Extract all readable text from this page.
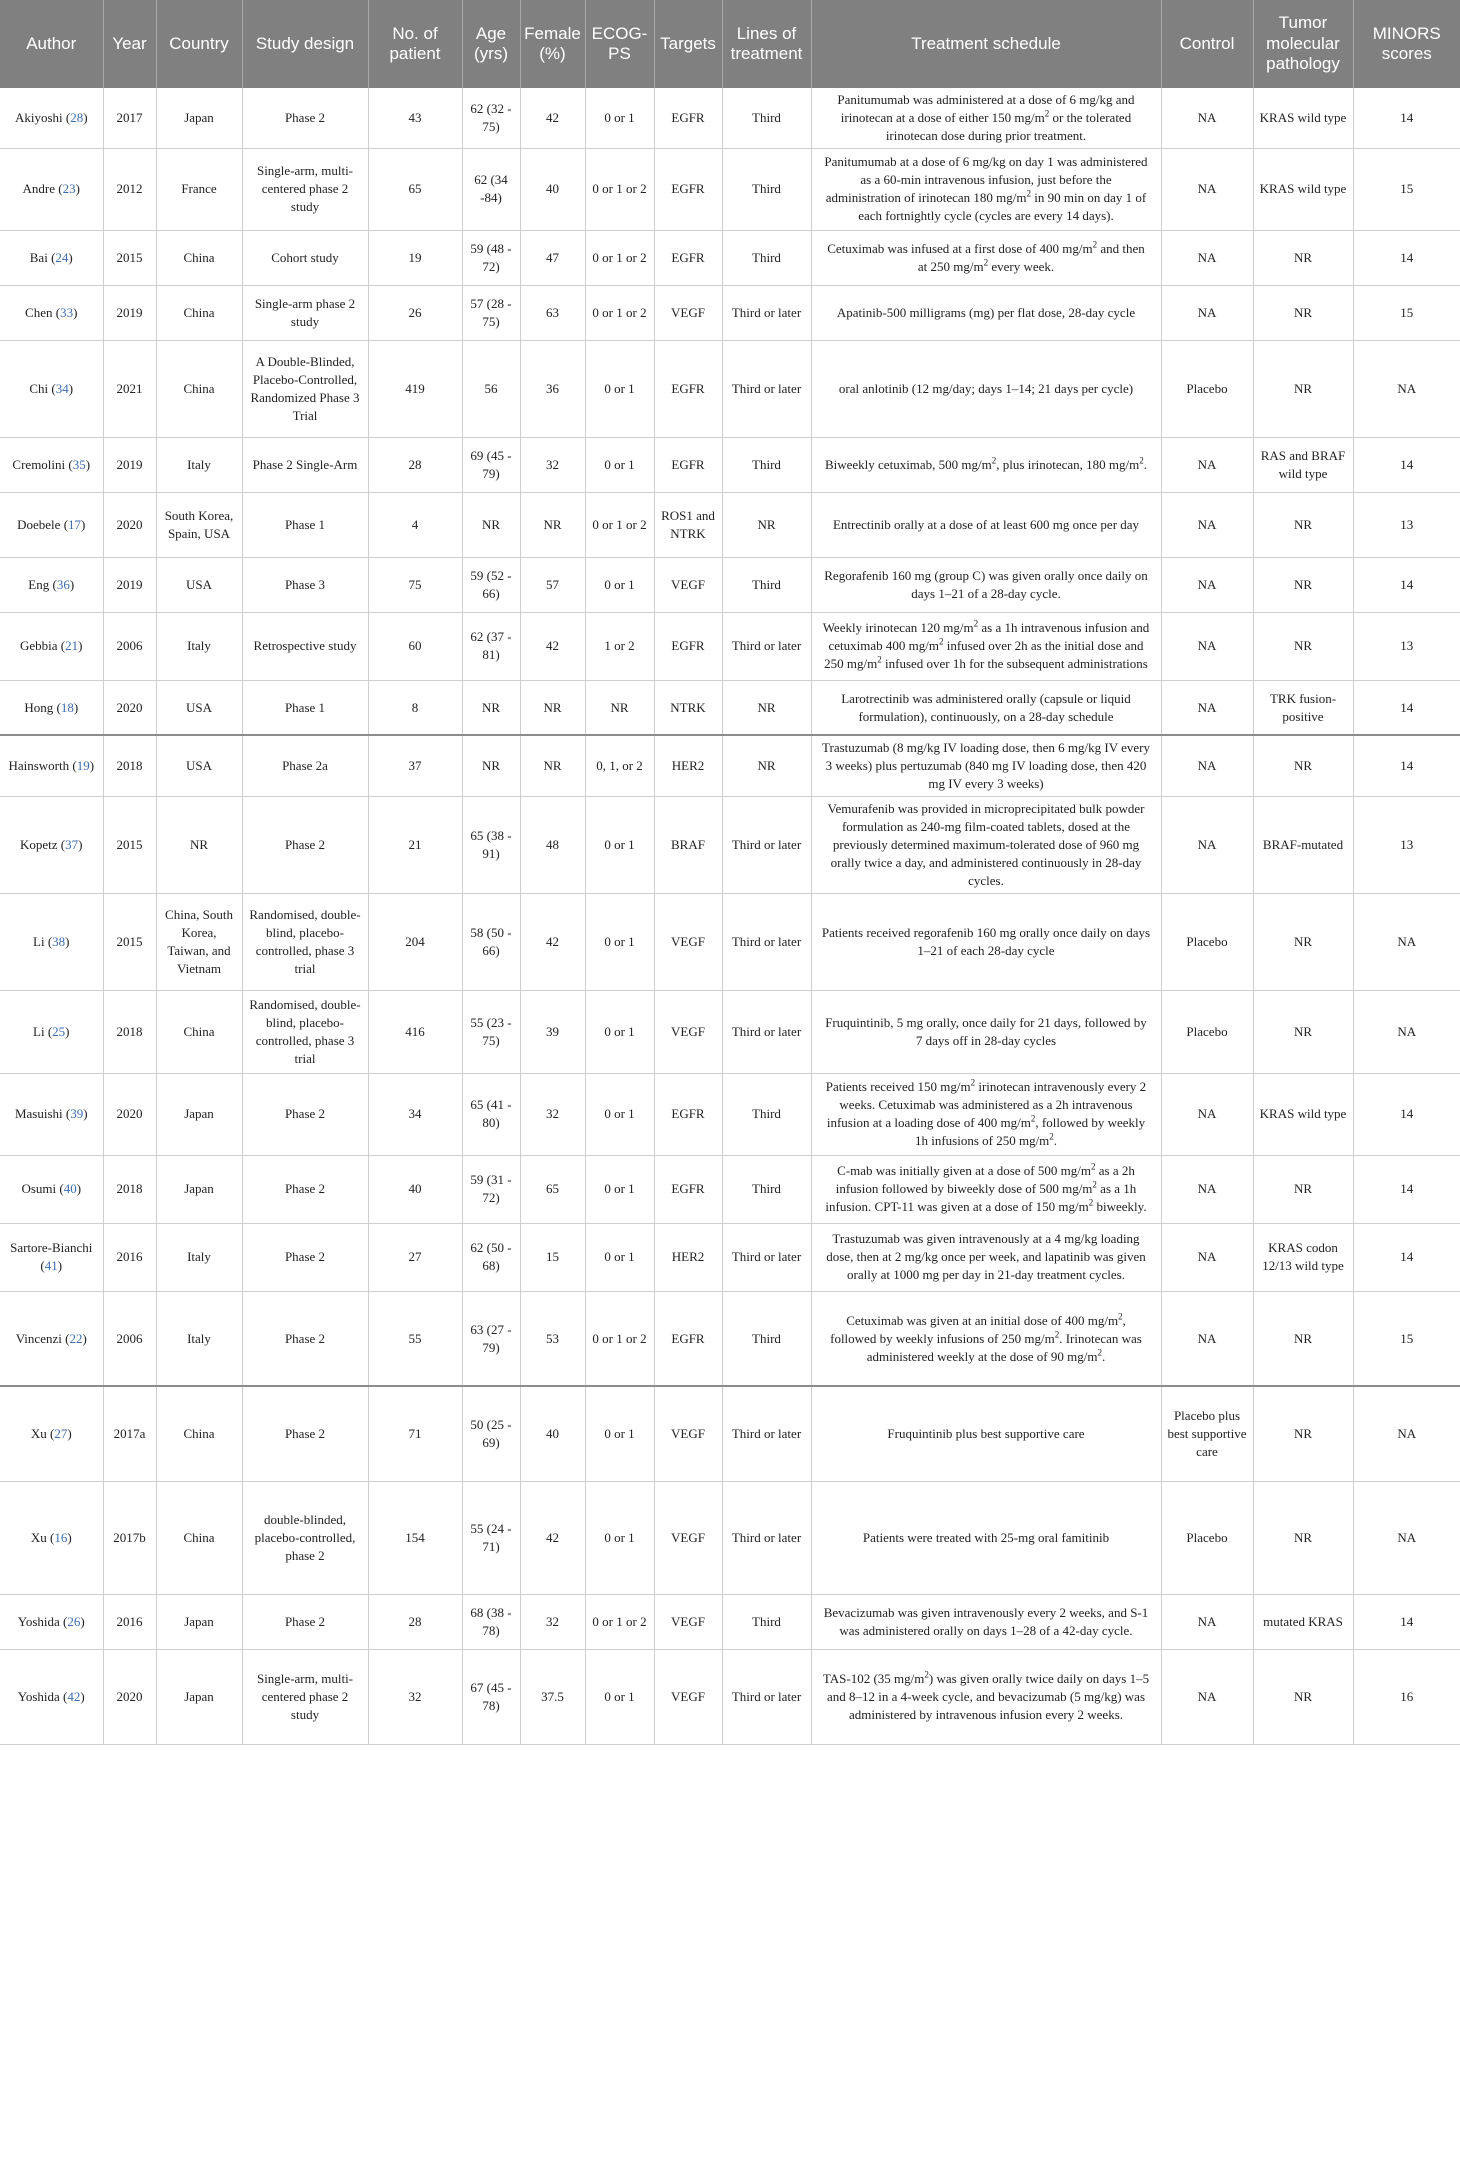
Author	Year	Country	Study design	No. of patient	Age (yrs)	Female (%)	ECOG-PS	Targets	Lines of treatment	Treatment schedule	Control	Tumor molecular pathology	MINORS scores
Akiyoshi (28)	2017	Japan	Phase 2	43	62 (32 - 75)	42	0 or 1	EGFR	Third	Panitumumab was administered at a dose of 6 mg/kg and irinotecan at a dose of either 150 $mg/m^2$ or the tolerated irinotecan dose during prior treatment.	NA	KRAS wild type	14
Andre (23)	2012	France	Single-arm, multi-centered phase 2 study	65	62 (34 -84)	40	0 or 1 or 2	EGFR	Third	Panitumumab at a dose of 6 mg/kg on day 1 was administered as a 60-min intravenous infusion, just before the administration of irinotecan 180 $mg/m^2$ in 90 min on day 1 of each fortnightly cycle (cycles are every 14 days).	NA	KRAS wild type	15
Bai (24)	2015	China	Cohort study	19	59 (48 - 72)	47	0 or 1 or 2	EGFR	Third	Cetuximab was infused at a first dose of 400 $mg/m^2$ and then at 250 $mg/m^2$ every week.	NA	NR	14
Chen (33)	2019	China	Single-arm phase 2 study	26	57 (28 - 75)	63	0 or 1 or 2	VEGF	Third or later	Apatinib-500 milligrams (mg) per flat dose, 28-day cycle	NA	NR	15
Chi (34)	2021	China	A Double-Blinded, Placebo-Controlled, Randomized Phase 3 Trial	419	56	36	0 or 1	EGFR	Third or later	oral anlotinib (12 mg/day; days 1–14; 21 days per cycle)	Placebo	NR	NA
Cremolini (35)	2019	Italy	Phase 2 Single-Arm	28	69 (45 - 79)	32	0 or 1	EGFR	Third	Biweekly cetuximab, 500 $mg/m^2$, plus irinotecan, 180 $mg/m^2$.	NA	RAS and BRAF wild type	14
Doebele (17)	2020	South Korea, Spain, USA	Phase 1	4	NR	NR	0 or 1 or 2	ROS1 and NTRK	NR	Entrectinib orally at a dose of at least 600 mg once per day	NA	NR	13
Eng (36)	2019	USA	Phase 3	75	59 (52 - 66)	57	0 or 1	VEGF	Third	Regorafenib 160 mg (group C) was given orally once daily on days 1–21 of a 28-day cycle.	NA	NR	14
Gebbia (21)	2006	Italy	Retrospective study	60	62 (37 - 81)	42	1 or 2	EGFR	Third or later	Weekly irinotecan 120 $mg/m^2$ as a 1h intravenous infusion and cetuximab 400 $mg/m^2$ infused over 2h as the initial dose and 250 $mg/m^2$ infused over 1h for the subsequent administrations	NA	NR	13
Hong (18)	2020	USA	Phase 1	8	NR	NR	NR	NTRK	NR	Larotrectinib was administered orally (capsule or liquid formulation), continuously, on a 28-day schedule	NA	TRK fusion-positive	14
Hainsworth (19)	2018	USA	Phase 2a	37	NR	NR	0, 1, or 2	HER2	NR	Trastuzumab (8 mg/kg IV loading dose, then 6 mg/kg IV every 3 weeks) plus pertuzumab (840 mg IV loading dose, then 420 mg IV every 3 weeks)	NA	NR	14
Kopetz (37)	2015	NR	Phase 2	21	65 (38 - 91)	48	0 or 1	BRAF	Third or later	Vemurafenib was provided in microprecipitated bulk powder formulation as 240-mg film-coated tablets, dosed at the previously determined maximum-tolerated dose of 960 mg orally twice a day, and administered continuously in 28-day cycles.	NA	BRAF-mutated	13
Li (38)	2015	China, South Korea, Taiwan, and Vietnam	Randomised, double-blind, placebo-controlled, phase 3 trial	204	58 (50 - 66)	42	0 or 1	VEGF	Third or later	Patients received regorafenib 160 mg orally once daily on days 1–21 of each 28-day cycle	Placebo	NR	NA
Li (25)	2018	China	Randomised, double-blind, placebo-controlled, phase 3 trial	416	55 (23 - 75)	39	0 or 1	VEGF	Third or later	Fruquintinib, 5 mg orally, once daily for 21 days, followed by 7 days off in 28-day cycles	Placebo	NR	NA
Masuishi (39)	2020	Japan	Phase 2	34	65 (41 - 80)	32	0 or 1	EGFR	Third	Patients received 150 $mg/m^2$ irinotecan intravenously every 2 weeks. Cetuximab was administered as a 2h intravenous infusion at a loading dose of 400 $mg/m^2$, followed by weekly 1h infusions of 250 $mg/m^2$.	NA	KRAS wild type	14
Osumi (40)	2018	Japan	Phase 2	40	59 (31 - 72)	65	0 or 1	EGFR	Third	C-mab was initially given at a dose of 500 $mg/m^2$ as a 2h infusion followed by biweekly dose of 500 $mg/m^2$ as a 1h infusion. CPT-11 was given at a dose of 150 $mg/m^2$ biweekly.	NA	NR	14
Sartore-Bianchi (41)	2016	Italy	Phase 2	27	62 (50 - 68)	15	0 or 1	HER2	Third or later	Trastuzumab was given intravenously at a 4 mg/kg loading dose, then at 2 mg/kg once per week, and lapatinib was given orally at 1000 mg per day in 21-day treatment cycles.	NA	KRAS codon 12/13 wild type	14
Vincenzi (22)	2006	Italy	Phase 2	55	63 (27 - 79)	53	0 or 1 or 2	EGFR	Third	Cetuximab was given at an initial dose of 400 $mg/m^2$, followed by weekly infusions of 250 $mg/m^2$. Irinotecan was administered weekly at the dose of 90 $mg/m^2$.	NA	NR	15
Xu (27)	2017a	China	Phase 2	71	50 (25 - 69)	40	0 or 1	VEGF	Third or later	Fruquintinib plus best supportive care	Placebo plus best supportive care	NR	NA
Xu (16)	2017b	China	double-blinded, placebo-controlled, phase 2	154	55 (24 - 71)	42	0 or 1	VEGF	Third or later	Patients were treated with 25-mg oral famitinib	Placebo	NR	NA
Yoshida (26)	2016	Japan	Phase 2	28	68 (38 - 78)	32	0 or 1 or 2	VEGF	Third	Bevacizumab was given intravenously every 2 weeks, and S-1 was administered orally on days 1–28 of a 42-day cycle.	NA	mutated KRAS	14
Yoshida (42)	2020	Japan	Single-arm, multi-centered phase 2 study	32	67 (45 - 78)	37.5	0 or 1	VEGF	Third or later	TAS-102 (35 $mg/m^2$) was given orally twice daily on days 1–5 and 8–12 in a 4-week cycle, and bevacizumab (5 mg/kg) was administered by intravenous infusion every 2 weeks.	NA	NR	16
